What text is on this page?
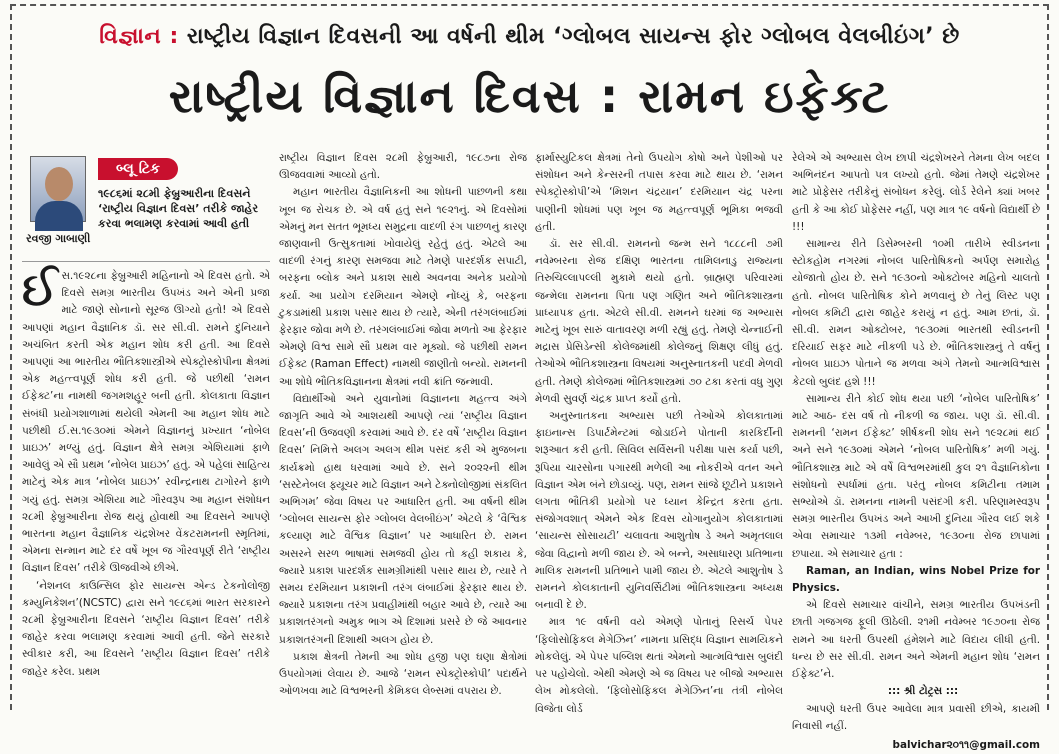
વિજ્ઞાન : રાષ્ટ્રીય વિજ્ઞાન દિવસની આ વર્ષની થીમ ‘ગ્લોબલ સાયન્સ ફોર ગ્લોબલ વેલબીઇંગ’ છે
રાષ્ટ્રીય વિજ્ઞાન દિવસ : રામન ઇફેક્ટ
રવજી ગાબાણી
બ્લૂ ટિક
૧૯૮૬માં ૨૮મી ફેબ્રુઆરીના દિવસને ‘રાષ્ટ્રીય વિજ્ઞાન દિવસ’ તરીકે જાહેર કરવા ભલામણ કરવામાં આવી હતી

ઈસ.૧૯૨૮ના ફેબ્રુઆરી મહિનાનો એ દિવસ હતો. એ દિવસે સમગ્ર ભારતીય ઉપખંડ અને એની પ્રજા માટે જાણે સોનાનો સૂરજ ઊગ્યો હતો! એ દિવસે આપણાં મહાન વૈજ્ઞાનિક ડૉ. સર સી.વી. રામને દુનિયાને અચંબિત કરતી એક મહાન શોધ કરી હતી. આ દિવસે આપણાં આ ભારતીય ભૌતિકશાસ્ત્રીએ સ્પેક્ટ્રોસ્કોપીના ક્ષેત્રમાં એક મહત્ત્વપૂર્ણ શોધ કરી હતી. જે પછીથી ‘રામન ઈફેક્ટ’ના નામથી જગમશહૂર બની હતી. કોલકાતા વિજ્ઞાન સંબંધી પ્રયોગશાળામાં થયેલી એમની આ મહાન શોધ માટે પછીથી ઈ.સ.૧૯૩૦માં એમને વિજ્ઞાનનું પ્રખ્યાત ‘નોબેલ પ્રાઇઝ’ મળ્યું હતું. વિજ્ઞાન ક્ષેત્રે સમગ્ર એશિયામાં ફાળે આવેલું એ સૌ પ્રથમ ‘નોબેલ પ્રાઇઝ’ હતું. એ પહેલાં સાહિત્ય માટેનું એક માત્ર ‘નોબેલ પ્રાઇઝ’ રવીન્દ્રનાથ ટાગોરને ફાળે ગયું હતું. સમગ્ર એશિયા માટે ગૌરવરૂપ આ મહાન સંશોધન ૨૮મી ફેબ્રુઆરીના રોજ થયું હોવાથી આ દિવસને આપણે ભારતના મહાન વૈજ્ઞાનિક ચંદ્રશેખર વેંકટરામનની સ્મૃતિમાં, એમના સન્માન માટે દર વર્ષે ખૂબ જ ગૌરવપૂર્ણ રીતે ‘રાષ્ટ્રીય વિજ્ઞાન દિવસ’ તરીકે ઊજવીએ છીએ.

‘નેશનલ કાઉન્સિલ ફોર સાયન્સ એન્ડ ટેકનોલોજી કમ્યુનિકેશન’(NCSTC) દ્વારા સને ૧૯૮૬માં ભારત સરકારને ૨૮મી ફેબ્રુઆરીના દિવસને ‘રાષ્ટ્રીય વિજ્ઞાન દિવસ’ તરીકે જાહેર કરવા ભલામણ કરવામાં આવી હતી. જેને સરકારે સ્વીકાર કરી, આ દિવસને ‘રાષ્ટ્રીય વિજ્ઞાન દિવસ’ તરીકે જાહેર કરેલ. પ્રથમ

રાષ્ટ્રીય વિજ્ઞાન દિવસ ૨૮મી ફેબ્રુઆરી, ૧૯૮૭ના રોજ ઊજવવામાં આવ્યો હતો.

મહાન ભારતીય વૈજ્ઞાનિકની આ શોધની પાછળની કથા ખૂબ જ રોચક છે. એ વર્ષ હતું સને ૧૯૨૧નું. એ દિવસોમાં એમનું મન સતત ભૂમધ્ય સમુદ્રના વાદળી રંગ પાછળનું કારણ જાણવાની ઉત્સુકતામાં ખોવાયેલું રહેતું હતું. એટલે આ વાદળી રંગનું કારણ સમજવા માટે તેમણે પારદર્શક સપાટી, બરફના બ્લોક અને પ્રકાશ સાથે અવનવા અનેક પ્રયોગો કર્યા. આ પ્રયોગ દરમિયાન એમણે નોંધ્યું કે, બરફના ટુકડામાંથી પ્રકાશ પસાર થાય છે ત્યારે, એની તરંગલંબાઈમાં ફેરફાર જોવા મળે છે. તરંગલંબાઈમાં જોવા મળતો આ ફેરફાર એમણે વિશ્વ સામે સૌ પ્રથમ વાર મૂક્યો. જે પછીથી રામન ઈફેક્ટ (Raman Effect) નામથી જાણીતો બન્યો. રામનની આ શોધે ભૌતિકવિજ્ઞાનના ક્ષેત્રમાં નવી ક્રાંતિ જન્માવી.

વિદ્યાર્થીઓ અને યુવાનોમાં વિજ્ઞાનના મહત્ત્વ અંગે જાગૃતિ આવે એ આશયથી આપણે ત્યાં ‘રાષ્ટ્રીય વિજ્ઞાન દિવસ’ની ઉજવણી કરવામાં આવે છે. દર વર્ષે ‘રાષ્ટ્રીય વિજ્ઞાન દિવસ’ નિમિત્તે અલગ અલગ થીમ પસંદ કરી એ મુજબના કાર્યક્રમો હાથ ધરવામાં આવે છે. સને ૨૦૨૨ની થીમ ‘સસ્ટેનેબલ ફ્યૂચર માટે વિજ્ઞાન અને ટેક્નોલોજીમાં સંકલિત અભિગમ’ જેવા વિષય પર આધારિત હતી. આ વર્ષની થીમ ‘ગ્લોબલ સાયન્સ ફોર ગ્લોબલ વેલબીઇંગ’ એટલે કે ‘વૈશ્વિક કલ્યાણ માટે વૈશ્વિક વિજ્ઞાન’ પર આધારિત છે. રામન અસરને સરળ ભાષામાં સમજવી હોય તો કહી શકાય કે, જ્યારે પ્રકાશ પારદર્શક સામગ્રીમાંથી પસાર થાય છે, ત્યારે તે સમય દરમિયાન પ્રકાશની તરંગ લંબાઈમાં ફેરફાર થાય છે. જ્યારે પ્રકાશના તરંગ પ્રવાહીમાંથી બહાર આવે છે, ત્યારે આ પ્રકાશતરંગનો અમુક ભાગ એ દિશામાં પ્રસરે છે જે આવનાર પ્રકાશતરંગની દિશાથી અલગ હોય છે.

પ્રકાશ ક્ષેત્રની તેમની આ શોધ હજી પણ ઘણા ક્ષેત્રોમાં ઉપયોગમાં લેવાય છે. આજે ‘રામન સ્પેક્ટ્રોસ્કોપી’ પદાર્થને ઓળખવા માટે વિશ્વભરની કેમિકલ લેબ્સમાં વપરાય છે.

ફાર્માસ્યુટિકલ ક્ષેત્રમાં તેનો ઉપયોગ કોષો અને પેશીઓ પર સંશોધન અને કેન્સરની તપાસ કરવા માટે થાય છે. ‘રામન સ્પેક્ટ્રોસ્કોપી’એ ‘મિશન ચંદ્રયાન’ દરમિયાન ચંદ્ર પરના પાણીની શોધમાં પણ ખૂબ જ મહત્ત્વપૂર્ણ ભૂમિકા ભજવી હતી.

ડૉ. સર સી.વી. રામનનો જન્મ સને ૧૮૮૮ની ૭મી નવેમ્બરના રોજ દક્ષિણ ભારતના તામિલનાડુ રાજ્યના તિરુચિલ્લાપલ્લી મુકામે થયો હતો. બ્રાહ્મણ પરિવારમાં જન્મેલા રામનના પિતા પણ ગણિત અને ભૌતિકશાસ્ત્રના પ્રાધ્યાપક હતા. એટલે સી.વી. રામનને ઘરમાં જ અભ્યાસ માટેનું ખૂબ સારું વાતાવરણ મળી રહ્યું હતું. તેમણે ચેન્નાઈની મદ્રાસ પ્રેસિડેન્સી કોલેજમાંથી કોલેજનું શિક્ષણ લીધું હતું. તેઓએ ભૌતિકશાસ્ત્રના વિષયમાં અનુસ્નાતકની પદવી મેળવી હતી. તેમણે કોલેજમાં ભૌતિકશાસ્ત્રમાં ૭૦ ટકા કરતાં વધુ ગુણ મેળવી સુવર્ણ ચંદ્રક પ્રાપ્ત કર્યો હતો.

અનુસ્નાતકના અભ્યાસ પછી તેઓએ કોલકાતામાં ફાઇનાન્સ ડિપાર્ટમેન્ટમાં જોડાઈને પોતાની કારકિર્દીની શરૂઆત કરી હતી. સિવિલ સર્વિસની પરીક્ષા પાસ કર્યા પછી, રૂપિયા ચારસોના પગારથી મળેલી આ નોકરીએ વતન અને વિજ્ઞાન એમ બંને છોડાવ્યું. પણ, રામન સાંજે છૂટીને પ્રકાશને લગતા ભૌતિકી પ્રયોગો પર ધ્યાન કેન્દ્રિત કરતા હતા. સંજોગવશાત્ એમને એક દિવસ યોગાનુયોગ કોલકાતામાં ‘સાયન્સ સોસાયટી’ ચલાવતા આશુતોષ ડે અને અમૃતલાલ જેવા વિદ્વાનો મળી જાય છે. એ બન્ને, અસાધારણ પ્રતિભાના માલિક રામનની પ્રતિભાને પામી જાય છે. એટલે આશુતોષ ડે રામનને કોલકાતાની યુનિવર્સિટીમાં ભૌતિકશાસ્ત્રના અધ્યક્ષ બનાવી દે છે.

માત્ર ૧૯ વર્ષની વયે એમણે પોતાનું રિસર્ચ પેપર ‘ફિલોસોફિકલ મેગેઝિન’ નામના પ્રસિદ્ધ વિજ્ઞાન સામયિકને મોકલેલું. એ પેપર પબ્લિશ થતાં એમનો આત્મવિશ્વાસ બુલંદી પર પહોંચેલો. એથી એમણે એ જ વિષય પર બીજો અભ્યાસ લેખ મોકલેલો. ‘ફિલોસોફિકલ મેગેઝિન’ના તંત્રી નોબેલ વિજેતા લોર્ડ

રેલેએ એ અભ્યાસ લેખ છાપી ચંદ્રશેખરને તેમના લેખ બદલ અભિનંદન આપતો પત્ર લખ્યો હતો. જેમાં તેમણે ચંદ્રશેખર માટે પ્રોફેસર તરીકેનું સંબોધન કરેલું. લોર્ડ રેલેને ક્યાં ખબર હતી કે આ કોઈ પ્રોફેસર નહીં, પણ માત્ર ૧૯ વર્ષનો વિદ્યાર્થી છે !!!

સામાન્ય રીતે ડિસેમ્બરની ૧૦મી તારીખે સ્વીડનના સ્ટોકહોમ નગરમાં નોબલ પારિતોષિકનો અર્પણ સમારોહ યોજાતો હોય છે. સને ૧૯૩૦નો ઓક્ટોબર મહિનો ચાલતો હતો. નોબલ પારિતોષિક કોને મળવાનું છે તેનું લિસ્ટ પણ નોબલ કમિટી દ્વારા જાહેર કરાયું ન હતું. આમ છતાં, ડૉ. સી.વી. રામન ઓક્ટોબર, ૧૯૩૦માં ભારતથી સ્વીડનની દરિયાઈ સફર માટે નીકળી પડે છે. ભૌતિકશાસ્ત્રનું તે વર્ષનું નોબલ પ્રાઇઝ પોતાને જ મળવા અંગે તેમનો આત્મવિશ્વાસ કેટલો બુલંદ હશે !!!

સામાન્ય રીતે કોઈ શોધ થયા પછી ‘નોબેલ પારિતોષિક’ માટે આઠ- દસ વર્ષ તો નીકળી જ જાય. પણ ડૉ. સી.વી. રામનની ‘રામન ઈફેક્ટ’ શીર્ષકની શોધ સને ૧૯૨૮માં થઈ અને સને ૧૯૩૦માં એમને ‘નોબલ પારિતોષિક’ મળી ગયું. ભૌતિકશાસ્ત્ર માટે એ વર્ષે વિશ્વભરમાંથી કુલ ૨૧ વૈજ્ઞાનિકોના સંશોધનો સ્પર્ધામાં હતા. પરંતુ નોબલ કમિટીના તમામ સભ્યોએ ડૉ. રામનના નામની પસંદગી કરી. પરિણામસ્વરૂપ સમગ્ર ભારતીય ઉપખંડ અને આખી દુનિયા ગૌરવ લઈ શકે એવા સમાચાર ૧૩મી નવેમ્બર, ૧૯૩૦ના રોજ છાપામાં છપાયા. એ સમાચાર હતા :

Raman, an Indian, wins Nobel Prize for Physics.

એ દિવસે સમાચાર વાંચીને, સમગ્ર ભારતીય ઉપખંડની છાતી ગજગજ ફૂલી ઊઠેલી. ૨૧મી નવેમ્બર ૧૯૭૦ના રોજ રામને આ ધરતી ઉપરથી હંમેશને માટે વિદાય લીધી હતી. ધન્ય છે સર સી.વી. રામન અને એમની મહાન શોધ ‘રામન ઈફેક્ટ’ને.

::: શ્રી ટોટ્રસ :::

આપણે ધરતી ઉપર આવેલા માત્ર પ્રવાસી છીએ, કાયમી નિવાસી નહીં.

balvichar૨૦૧૧@gmail.com
